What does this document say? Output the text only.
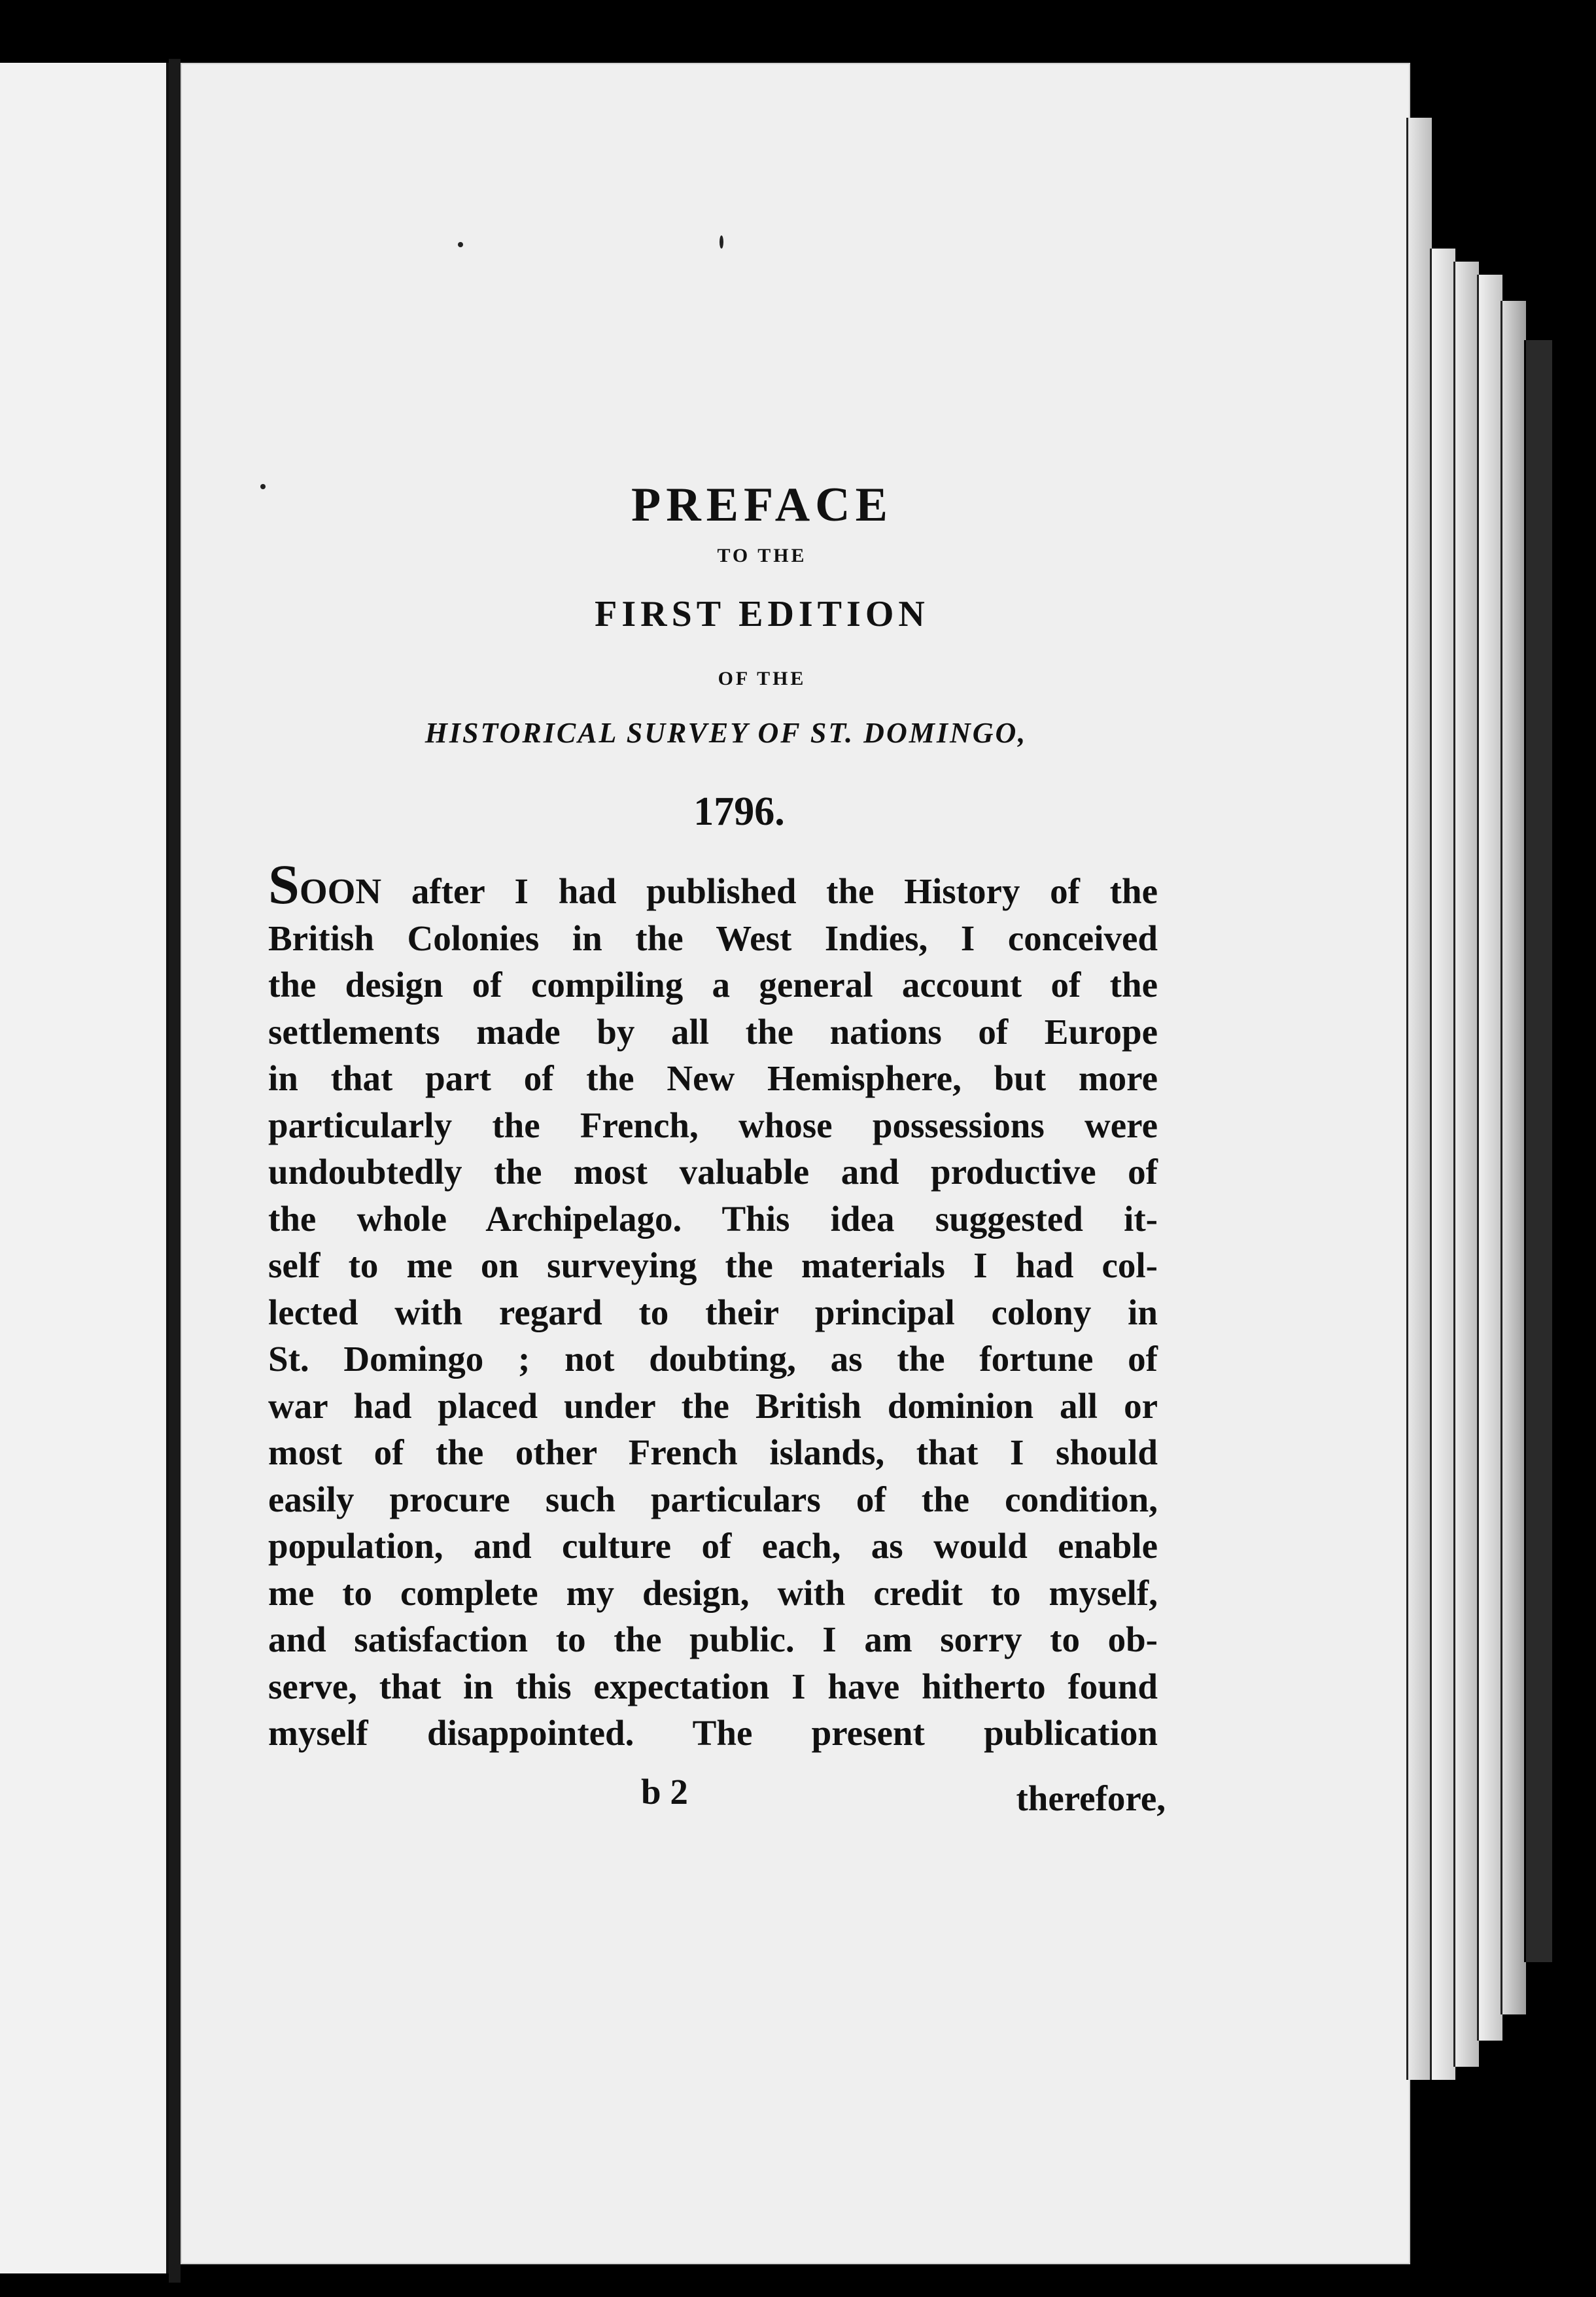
PREFACE
TO THE
FIRST EDITION
OF THE
HISTORICAL SURVEY OF ST. DOMINGO,
1796.
SOON after I had published the History of the
British Colonies in the West Indies, I conceived
the design of compiling a general account of the
settlements made by all the nations of Europe
in that part of the New Hemisphere, but more
particularly the French, whose possessions were
undoubtedly the most valuable and productive of
the whole Archipelago. This idea suggested it-
self to me on surveying the materials I had col-
lected with regard to their principal colony in
St. Domingo ; not doubting, as the fortune of
war had placed under the British dominion all or
most of the other French islands, that I should
easily procure such particulars of the condition,
population, and culture of each, as would enable
me to complete my design, with credit to myself,
and satisfaction to the public. I am sorry to ob-
serve, that in this expectation I have hitherto found
myself disappointed. The present publication
b 2	therefore,
